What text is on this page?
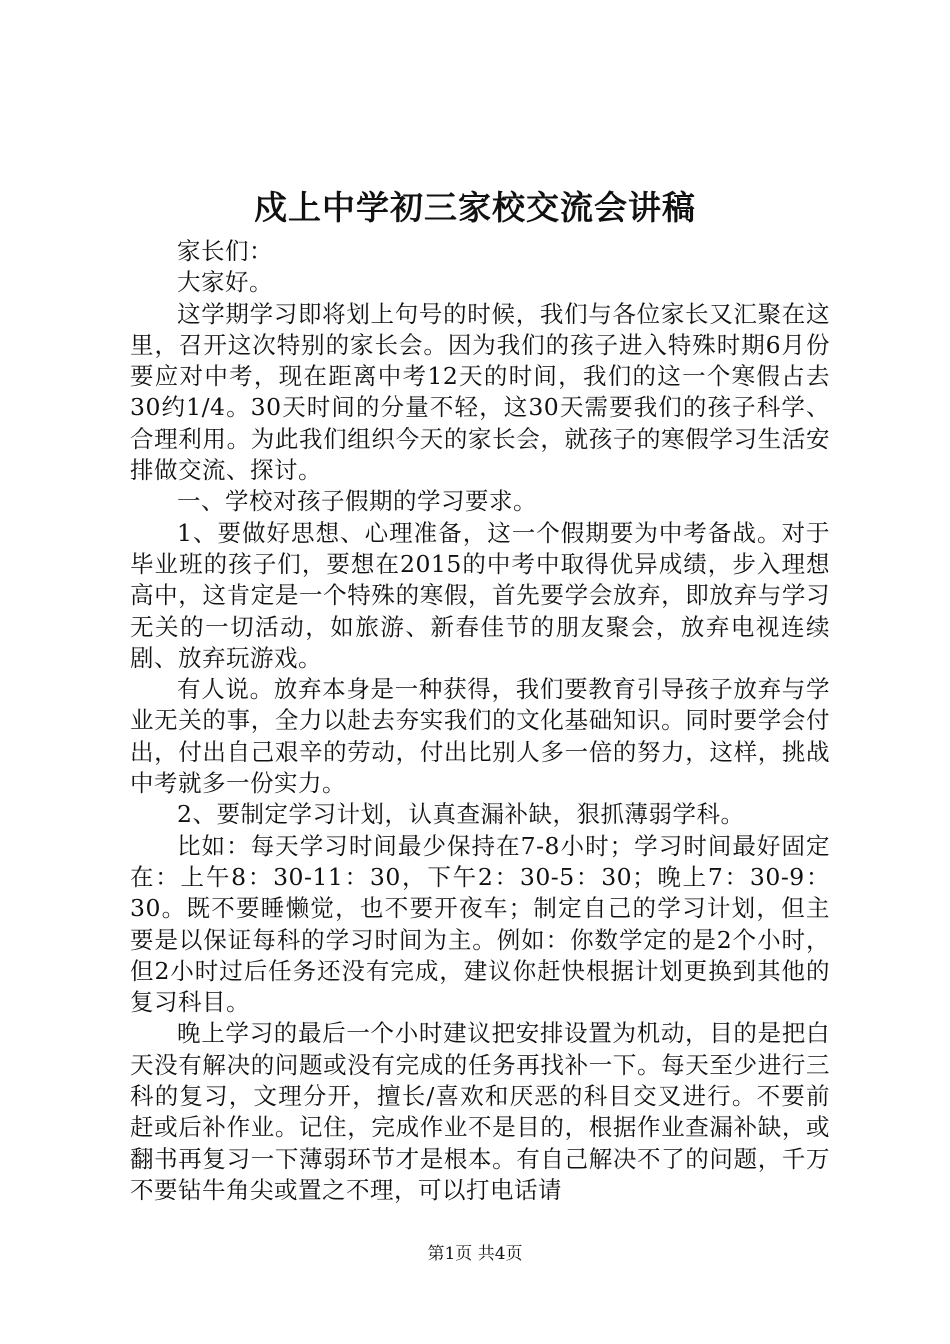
戍上中学初三家校交流会讲稿

家长们：

大家好。

这学期学习即将划上句号的时候，我们与各位家长又汇聚在这里，召开这次特别的家长会。因为我们的孩子进入特殊时期6月份要应对中考，现在距离中考12天的时间，我们的这一个寒假占去30约1/4。30天时间的分量不轻，这30天需要我们的孩子科学、合理利用。为此我们组织今天的家长会，就孩子的寒假学习生活安排做交流、探讨。

一、学校对孩子假期的学习要求。

1、要做好思想、心理准备，这一个假期要为中考备战。对于毕业班的孩子们，要想在2015的中考中取得优异成绩，步入理想高中，这肯定是一个特殊的寒假，首先要学会放弃，即放弃与学习无关的一切活动，如旅游、新春佳节的朋友聚会，放弃电视连续剧、放弃玩游戏。

有人说。放弃本身是一种获得，我们要教育引导孩子放弃与学业无关的事，全力以赴去夯实我们的文化基础知识。同时要学会付出，付出自己艰辛的劳动，付出比别人多一倍的努力，这样，挑战中考就多一份实力。

2、要制定学习计划，认真查漏补缺，狠抓薄弱学科。

比如：每天学习时间最少保持在7-8小时；学习时间最好固定在：上午8：30-11：30，下午2：30-5：30；晚上7：30-9：30。既不要睡懒觉，也不要开夜车；制定自己的学习计划，但主要是以保证每科的学习时间为主。例如：你数学定的是2个小时，但2小时过后任务还没有完成，建议你赶快根据计划更换到其他的复习科目。

晚上学习的最后一个小时建议把安排设置为机动，目的是把白天没有解决的问题或没有完成的任务再找补一下。每天至少进行三科的复习，文理分开，擅长/喜欢和厌恶的科目交叉进行。不要前赶或后补作业。记住，完成作业不是目的，根据作业查漏补缺，或翻书再复习一下薄弱环节才是根本。有自己解决不了的问题，千万不要钻牛角尖或置之不理，可以打电话请

第1页 共4页
